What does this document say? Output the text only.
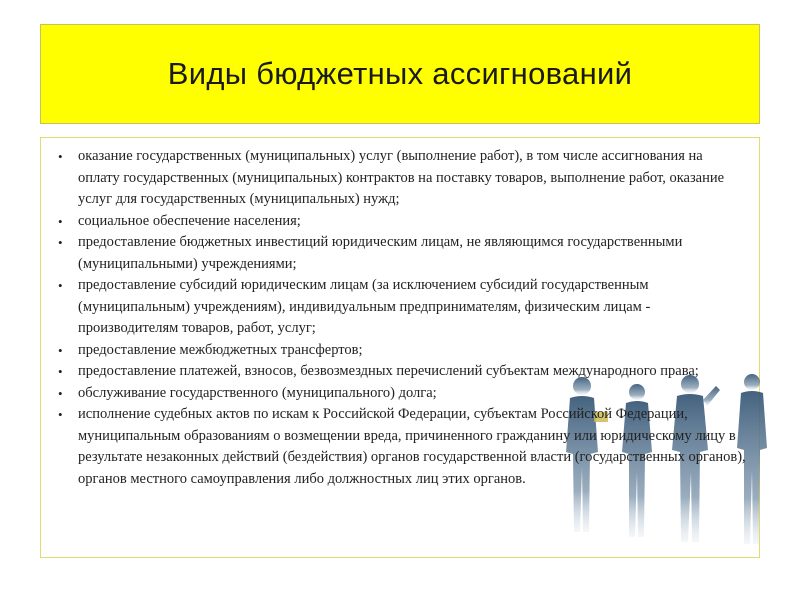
Виды бюджетных ассигнований
• оказание государственных (муниципальных) услуг (выполнение работ), в том числе ассигнования на оплату государственных (муниципальных) контрактов на поставку товаров, выполнение работ, оказание услуг для государственных (муниципальных) нужд;
• социальное обеспечение населения;
• предоставление бюджетных инвестиций юридическим лицам, не являющимся государственными (муниципальными) учреждениями;
• предоставление субсидий юридическим лицам (за исключением субсидий государственным (муниципальным) учреждениям), индивидуальным предпринимателям, физическим лицам - производителям товаров, работ, услуг;
• предоставление межбюджетных трансфертов;
• предоставление платежей, взносов, безвозмездных перечислений субъектам международного права;
• обслуживание государственного (муниципального) долга;
• исполнение судебных актов по искам к Российской Федерации, субъектам Российской Федерации, муниципальным образованиям о возмещении вреда, причиненного гражданину или юридическому лицу в результате незаконных действий (бездействия) органов государственной власти (государственных органов), органов местного самоуправления либо должностных лиц этих органов.
